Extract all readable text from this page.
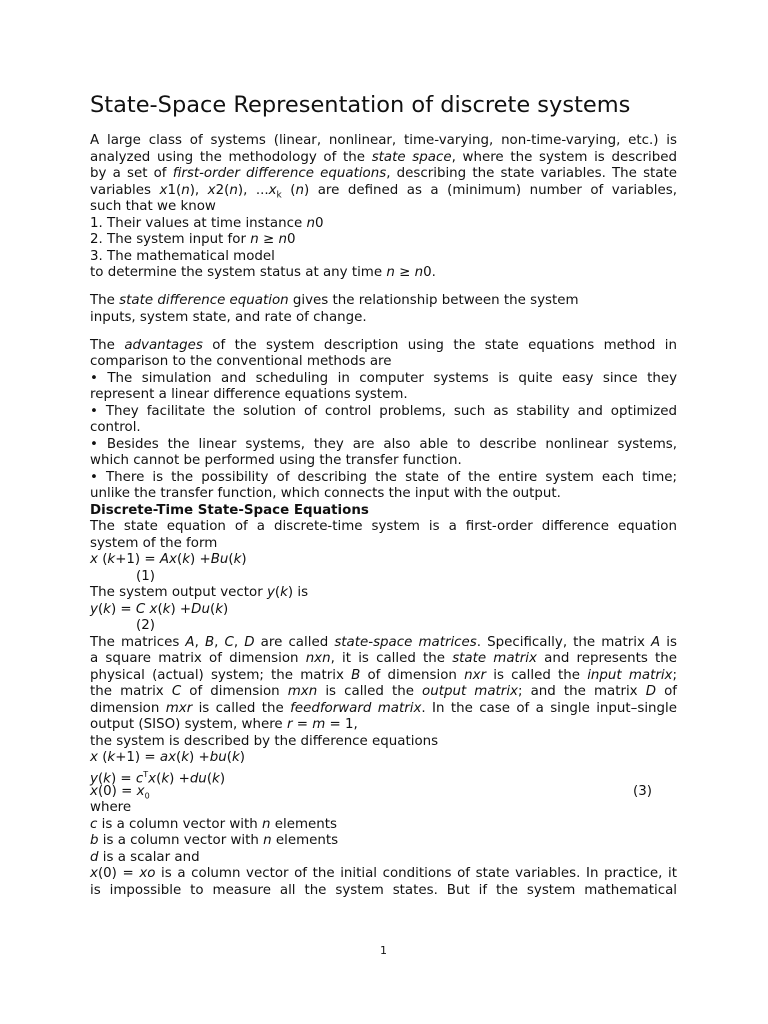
State-Space Representation of discrete systems

A large class of systems (linear, nonlinear, time-varying, non-time-varying, etc.) is

analyzed using the methodology of the state space, where the system is described

by a set of first-order difference equations, describing the state variables. The state

variables x1(n), x2(n), $...x_k$ (n) are defined as a (minimum) number of variables,

such that we know

1. Their values at time instance n0

2. The system input for n ≥ n0

3. The mathematical model

to determine the system status at any time n ≥ n0.

The state difference equation gives the relationship between the system

inputs, system state, and rate of change.

The advantages of the system description using the state equations method in

comparison to the conventional methods are

• The simulation and scheduling in computer systems is quite easy since they

represent a linear difference equations system.

• They facilitate the solution of control problems, such as stability and optimized

control.

• Besides the linear systems, they are also able to describe nonlinear systems,

which cannot be performed using the transfer function.

• There is the possibility of describing the state of the entire system each time;

unlike the transfer function, which connects the input with the output.

Discrete-Time State-Space Equations

The state equation of a discrete-time system is a first-order difference equation

system of the form

x (k+1) = Ax(k) +Bu(k)

(1)

The system output vector y(k) is

y(k) = C x(k) +Du(k)

(2)

The matrices A, B, C, D are called state-space matrices. Specifically, the matrix A is

a square matrix of dimension nxn, it is called the state matrix and represents the

physical (actual) system; the matrix B of dimension nxr is called the input matrix;

the matrix C of dimension mxn is called the output matrix; and the matrix D of

dimension mxr is called the feedforward matrix. In the case of a single input–single

output (SISO) system, where r = m = 1,

the system is described by the difference equations

x (k+1) = ax(k) +bu(k)

$y(k) = c^Tx(k) +du(k)$

$x(0) = x_0$	(3)

where

c is a column vector with n elements

b is a column vector with n elements

d is a scalar and

x(0) = xo is a column vector of the initial conditions of state variables. In practice, it

is impossible to measure all the system states. But if the system mathematical

1
